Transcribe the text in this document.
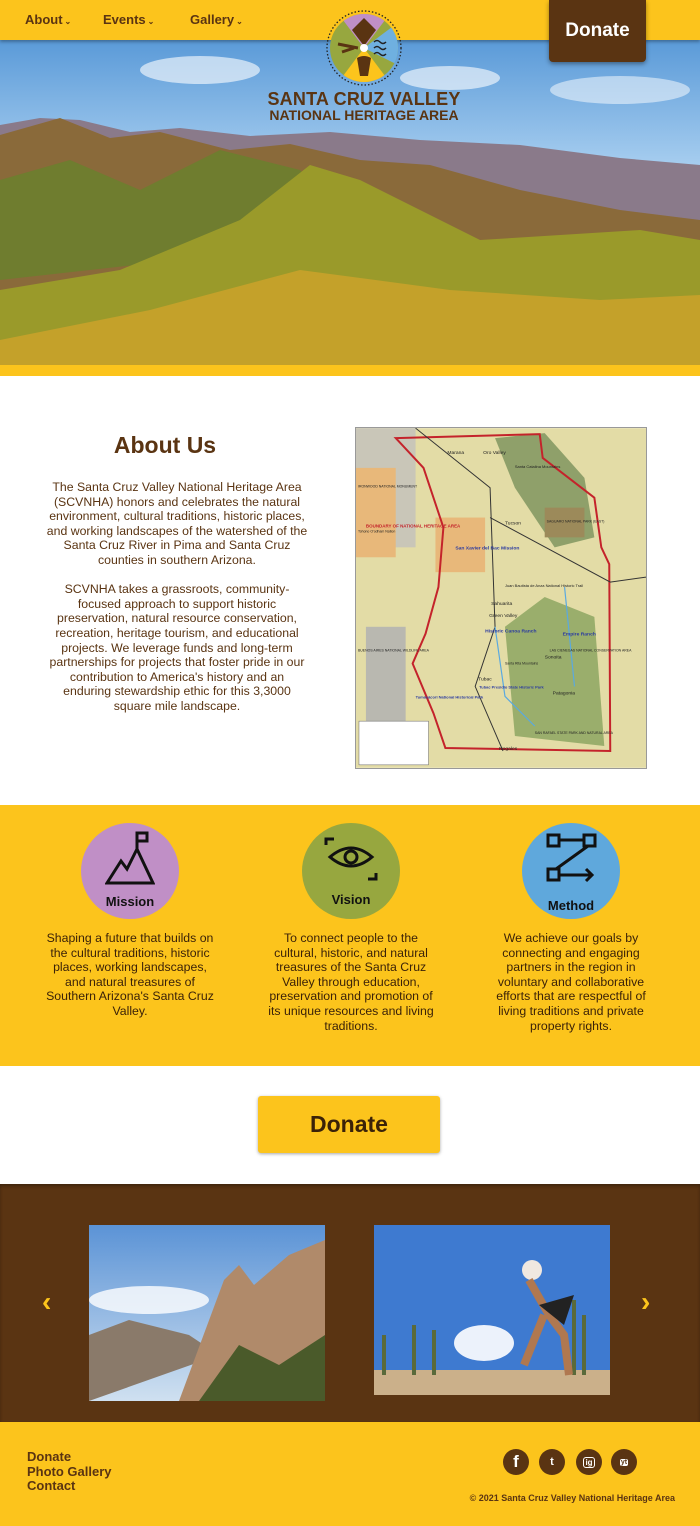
About ⌄ Events ⌄	Gallery ⌄	Donate
SANTA CRUZ VALLEY
NATIONAL HERITAGE AREA
About Us

The Santa Cruz Valley National Heritage Area (SCVNHA) honors and celebrates the natural environment, cultural traditions, historic places, and working landscapes of the watershed of the Santa Cruz River in Pima and Santa Cruz counties in southern Arizona.

SCVNHA takes a grassroots, community-focused approach to support historic preservation, natural resource conservation, recreation, heritage tourism, and educational projects. We leverage funds and long-term partnerships for projects that foster pride in our contribution to America's history and an enduring stewardship ethic for this 3,3000 square mile landscape.

Marana	Oro Valley
Tucson
Sahuarita
Green Valley
Juan Bautista de Anza National Historic Trail
Sonoita
Tubac
Patagonia
Nogales
Santa Catalina Mountains
SAGUARO NATIONAL PARK (EAST)
SAN RAFAEL STATE PARK AND NATURAL AREA
LAS CIENEGAS NATIONAL CONSERVATION AREA
BUENOS AIRES NATIONAL WILDLIFE AREA
IRONWOOD NATIONAL MONUMENT
Tohono O'odham Nation
Santa Rita Mountains
San Xavier del Bac Mission
Historic Canoa Ranch
Empire Ranch
Tubac Presidio State Historic Park
Tumacácori National Historical Park
BOUNDARY OF NATIONAL HERITAGE AREA
Mission

Shaping a future that builds on the cultural traditions, historic places, working landscapes, and natural treasures of Southern Arizona's Santa Cruz Valley.

Vision

To connect people to the cultural, historic, and natural treasures of the Santa Cruz Valley through education, preservation and promotion of its unique resources and living traditions.

Method

We achieve our goals by connecting and engaging partners in the region in voluntary and collaborative efforts that are respectful of living traditions and private property rights.

Donate
‹	›
Donate
Photo Gallery
Contact
f	t	ig	yt
© 2021 Santa Cruz Valley National Heritage Area
